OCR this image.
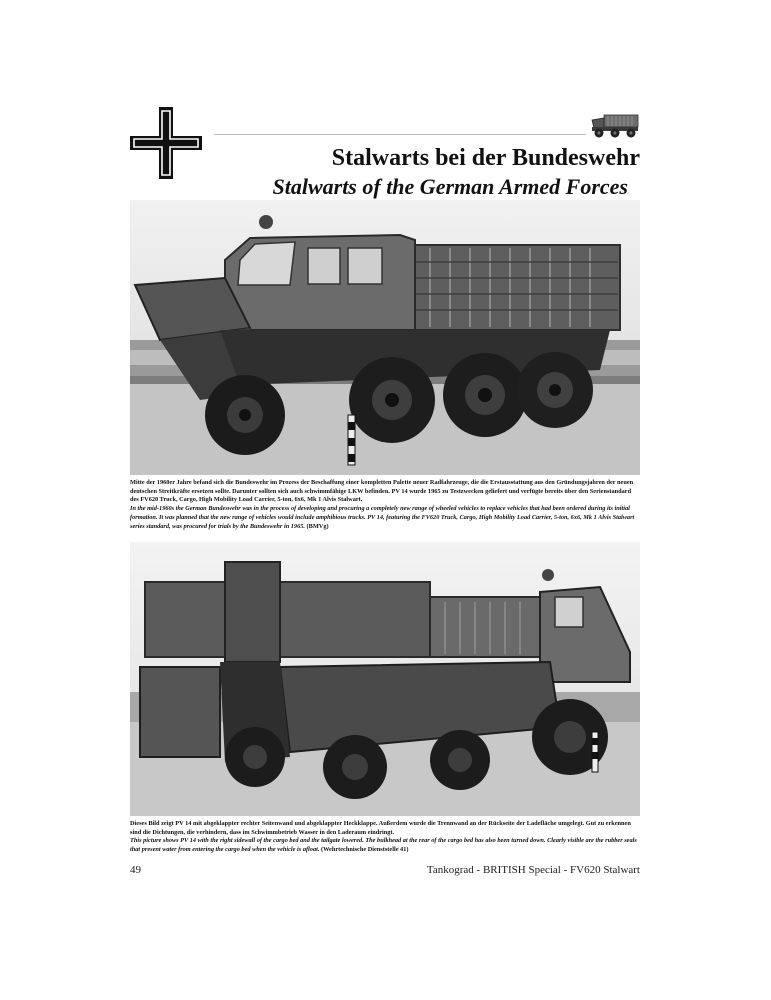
Stalwarts bei der Bundeswehr
Stalwarts of the German Armed Forces

Mitte der 1960er Jahre befand sich die Bundeswehr im Prozess der Beschaffung einer kompletten Palette neuer Radfahrzeuge, die die Erstausstattung aus den Gründungsjahren der neuen deutschen Streitkräfte ersetzen sollte. Darunter sollten sich auch schwimmfähige LKW befinden. PV 14 wurde 1965 zu Testzwecken geliefert und verfügte bereits über den Serienstandard des FV620 Truck, Cargo, High Mobility Load Carrier, 5-ton, 6x6, Mk 1 Alvis Stalwart.

In the mid-1960s the German Bundeswehr was in the process of developing and procuring a completely new range of wheeled vehicles to replace vehicles that had been ordered during its initial formation. It was planned that the new range of vehicles would include amphibious trucks. PV 14, featuring the FV620 Truck, Cargo, High Mobility Load Carrier, 5-ton, 6x6, Mk 1 Alvis Stalwart series standard, was procured for trials by the Bundeswehr in 1965. (BMVg)

Dieses Bild zeigt PV 14 mit abgeklappter rechter Seitenwand und abgeklappter Heckklappe. Außerdem wurde die Trennwand an der Rückseite der Ladefläche umgelegt. Gut zu erkennen sind die Dichtungen, die verhindern, dass im Schwimmbetrieb Wasser in den Laderaum eindringt.

This picture shows PV 14 with the right sidewall of the cargo bed and the tailgate lowered. The bulkhead at the rear of the cargo bed has also been turned down. Clearly visible are the rubber seals that present water from entering the cargo bed when the vehicle is afloat. (Wehrtechnische Dienststelle 41)

49	Tankograd - BRITISH Special - FV620 Stalwart
